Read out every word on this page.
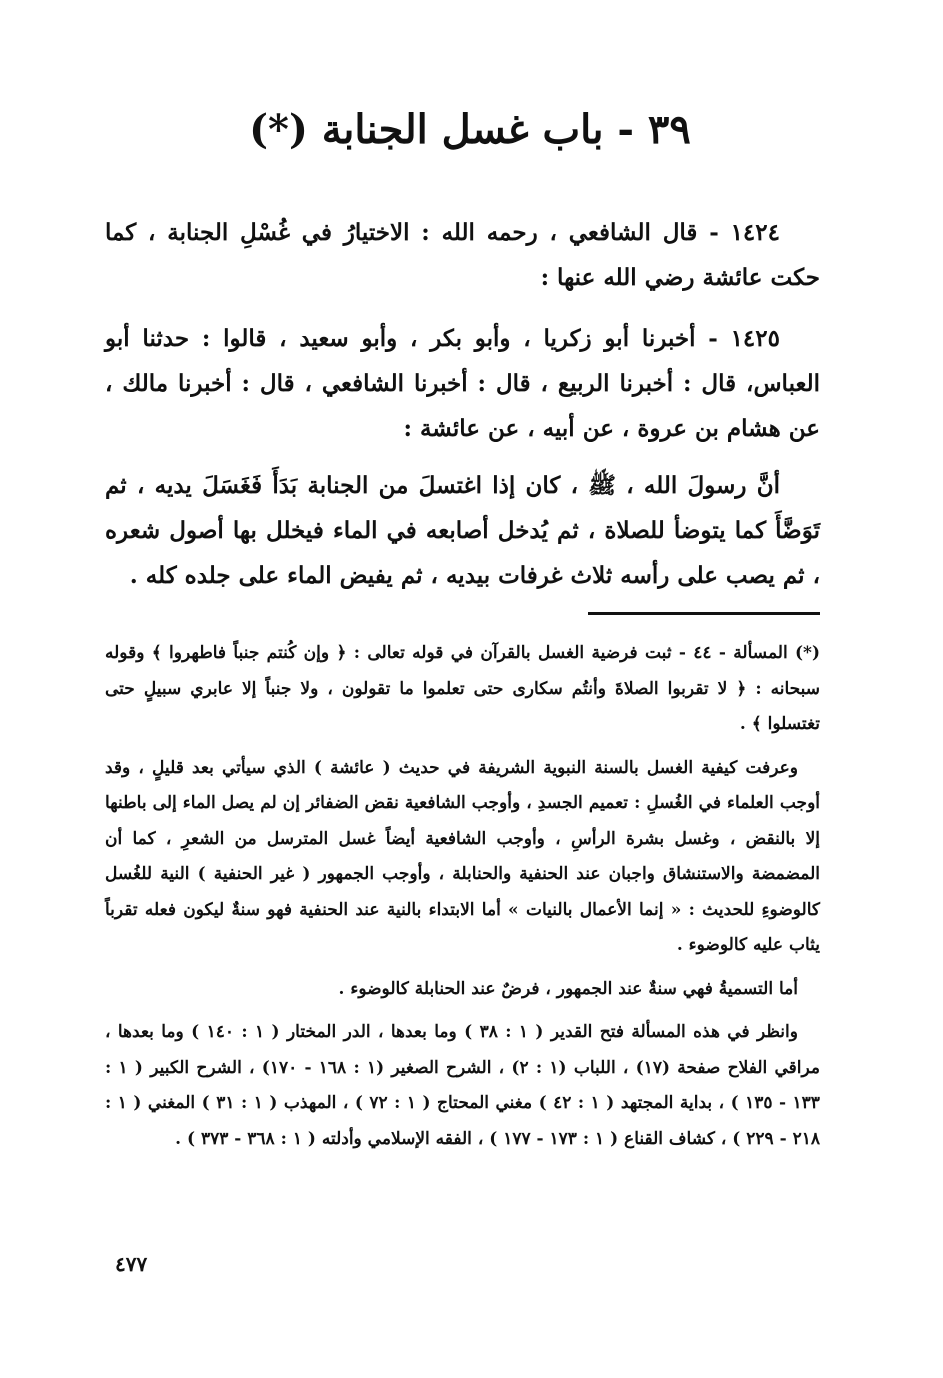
٣٩ - باب غسل الجنابة (*)

١٤٢٤ - قال الشافعي ، رحمه الله : الاختيارُ في غُسْلِ الجنابة ، كما حكت عائشة رضي الله عنها :

١٤٢٥ - أخبرنا أبو زكريا ، وأبو بكر ، وأبو سعيد ، قالوا : حدثنا أبو العباس، قال : أخبرنا الربيع ، قال : أخبرنا الشافعي ، قال : أخبرنا مالك ، عن هشام بن عروة ، عن أبيه ، عن عائشة :

أنَّ رسولَ الله ، ﷺ ، كان إذا اغتسلَ من الجنابة بَدَأَ فَغَسَلَ يديه ، ثم تَوَضَّأَ كما يتوضأ للصلاة ، ثم يُدخل أصابعه في الماء فيخلل بها أصول شعره ، ثم يصب على رأسه ثلاث غرفات بيديه ، ثم يفيض الماء على جلده كله .

(*) المسألة - ٤٤ - ثبت فرضية الغسل بالقرآن في قوله تعالى : ﴿ وإن كُنتم جنباً فاطهروا ﴾ وقوله سبحانه : ﴿ لا تقربوا الصلاةَ وأنتُم سكارى حتى تعلموا ما تقولون ، ولا جنباً إلا عابري سبيلٍ حتى تغتسلوا ﴾ .

وعرفت كيفية الغسل بالسنة النبوية الشريفة في حديث ( عائشة ) الذي سيأتي بعد قليلٍ ، وقد أوجب العلماء في الغُسلِ : تعميم الجسدِ ، وأوجب الشافعية نقض الضفائر إن لم يصل الماء إلى باطنها إلا بالنقض ، وغسل بشرة الرأسِ ، وأوجب الشافعية أيضاً غسل المترسل من الشعرِ ، كما أن المضمضة والاستنشاق واجبان عند الحنفية والحنابلة ، وأوجب الجمهور ( غير الحنفية ) النية للغُسل كالوضوءِ للحديث : « إنما الأعمال بالنيات » أما الابتداء بالنية عند الحنفية فهو سنةٌ ليكون فعله تقرباً يثاب عليه كالوضوء .

أما التسميةُ فهي سنةٌ عند الجمهور ، فرضٌ عند الحنابلة كالوضوء .

وانظر في هذه المسألة فتح القدير ( ١ : ٣٨ ) وما بعدها ، الدر المختار ( ١ : ١٤٠ ) وما بعدها ، مراقي الفلاح صفحة (١٧) ، اللباب (١ : ٢) ، الشرح الصغير (١ : ١٦٨ - ١٧٠) ، الشرح الكبير ( ١ : ١٣٣ - ١٣٥ ) ، بداية المجتهد ( ١ : ٤٢ ) مغني المحتاج ( ١ : ٧٢ ) ، المهذب ( ١ : ٣١ ) المغني ( ١ : ٢١٨ - ٢٢٩ ) ، كشاف القناع ( ١ : ١٧٣ - ١٧٧ ) ، الفقه الإسلامي وأدلته ( ١ : ٣٦٨ - ٣٧٣ ) .

٤٧٧
